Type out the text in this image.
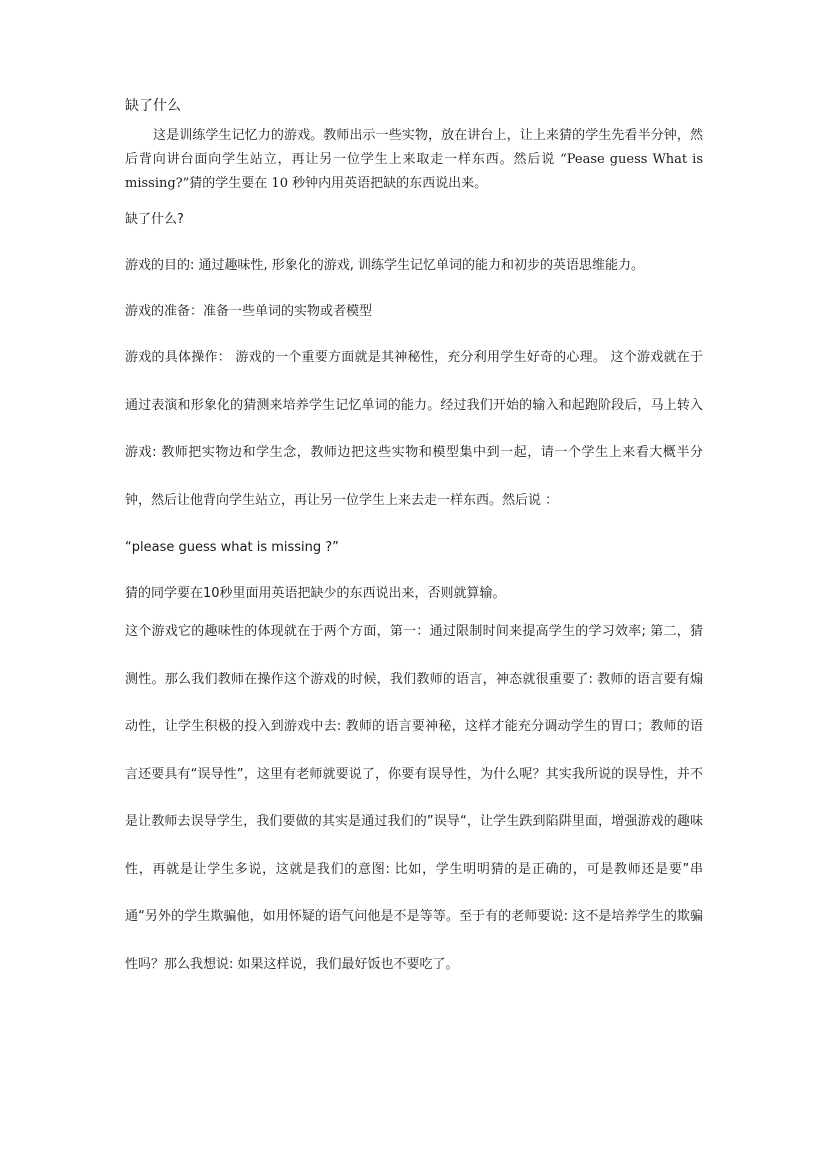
缺了什么

这是训练学生记忆力的游戏。教师出示一些实物，放在讲台上，让上来猜的学生先看半分钟，然后背向讲台面向学生站立，再让另一位学生上来取走一样东西。然后说 “Pease guess What is missing?”猜的学生要在 10 秒钟内用英语把缺的东西说出来。

缺了什么?

游戏的目的: 通过趣味性, 形象化的游戏, 训练学生记忆单词的能力和初步的英语思维能力。

游戏的准备：准备一些单词的实物或者模型

游戏的具体操作： 游戏的一个重要方面就是其神秘性，充分利用学生好奇的心理。 这个游戏就在于通过表演和形象化的猜测来培养学生记忆单词的能力。经过我们开始的输入和起跑阶段后，马上转入游戏: 教师把实物边和学生念，教师边把这些实物和模型集中到一起，请一个学生上来看大概半分钟，然后让他背向学生站立，再让另一位学生上来去走一样东西。然后说 ：

“please guess what is missing ?”

猜的同学要在10秒里面用英语把缺少的东西说出来，否则就算输。

这个游戏它的趣味性的体现就在于两个方面，第一：通过限制时间来提高学生的学习效率; 第二，猜测性。那么我们教师在操作这个游戏的时候，我们教师的语言，神态就很重要了: 教师的语言要有煽动性，让学生积极的投入到游戏中去: 教师的语言要神秘，这样才能充分调动学生的胃口；教师的语言还要具有“误导性”，这里有老师就要说了，你要有误导性，为什么呢？其实我所说的误导性，并不是让教师去误导学生，我们要做的其实是通过我们的”误导“，让学生跌到陷阱里面，增强游戏的趣味性，再就是让学生多说，这就是我们的意图: 比如，学生明明猜的是正确的，可是教师还是要”串通“另外的学生欺骗他，如用怀疑的语气问他是不是等等。至于有的老师要说: 这不是培养学生的欺骗性吗？那么我想说: 如果这样说，我们最好饭也不要吃了。
